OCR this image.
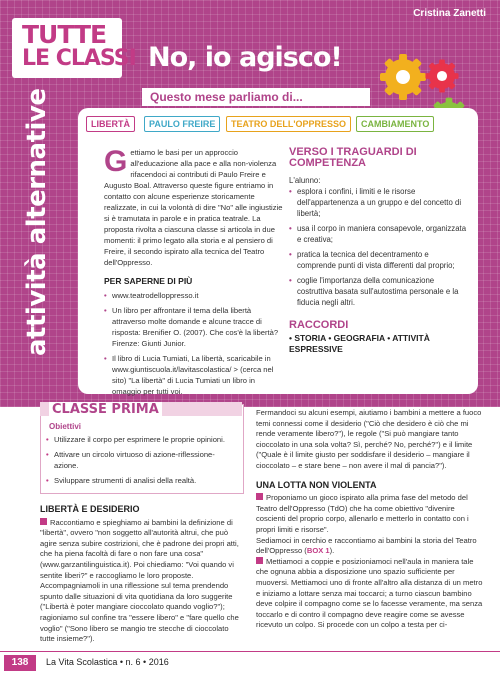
TUTTE
LE CLASSI
Cristina Zanetti
No, io agisco!
Questo mese parliamo di...
attività alternative	LIBERTÀ	PAULO FREIRE	TEATRO DELL'OPPRESSO	CAMBIAMENTO
Gettiamo le basi per un approccio all'educazione alla pace e alla non-violenza rifacendoci ai contributi di Paulo Freire e Augusto Boal. Attraverso queste figure entriamo in contatto con alcune esperienze storicamente realizzate, in cui la volontà di dire "No" alle ingiustizie si è tramutata in parole e in pratica teatrale. La proposta rivolta a ciascuna classe si articola in due momenti: il primo legato alla storia e al pensiero di Freire, il secondo ispirato alla tecnica del Teatro dell'Oppresso.
PER SAPERNE DI PIÙ
• www.teatrodelloppresso.it
• Un libro per affrontare il tema della libertà attraverso molte domande e alcune tracce di risposta: Brenifier O. (2007). Che cos'è la libertà? Firenze: Giunti Junior.
• Il libro di Lucia Tumiati, La libertà, scaricabile in www.giuntiscuola.it/lavitascolastica/ > (cerca nel sito) "La libertà" di Lucia Tumiati un libro in omaggio per tutti voi.
VERSO I TRAGUARDI DI COMPETENZA
L'alunno:
• esplora i confini, i limiti e le risorse dell'appartenenza a un gruppo e del concetto di libertà;
• usa il corpo in maniera consapevole, organizzata e creativa;
• pratica la tecnica del decentramento e comprende punti di vista differenti dal proprio;
• coglie l'importanza della comunicazione costruttiva basata sull'autostima personale e la fiducia negli altri.
RACCORDI
• STORIA • GEOGRAFIA • ATTIVITÀ ESPRESSIVE
CLASSE PRIMA
Obiettivi
• Utilizzare il corpo per esprimere le proprie opinioni.
• Attivare un circolo virtuoso di azione-riflessione-azione.
• Sviluppare strumenti di analisi della realtà.
LIBERTÀ E DESIDERIO
Raccontiamo e spieghiamo ai bambini la definizione di "libertà", ovvero "non soggetto all'autorità altrui, che può agire senza subire costrizioni, che è padrone dei propri atti, che ha piena facoltà di fare o non fare una cosa" (www.garzantilinguistica.it). Poi chiediamo: "Voi quando vi sentite liberi?" e raccogliamo le loro proposte. Accompagniamoli in una riflessione sul tema prendendo spunto dalle situazioni di vita quotidiana da loro suggerite ("Libertà è poter mangiare cioccolato quando voglio?"); ragioniamo sul confine tra "essere libero" e "fare quello che voglio" ("Sono libero se mangio tre stecche di cioccolato tutte insieme?").
Fermandoci su alcuni esempi, aiutiamo i bambini a mettere a fuoco temi connessi come il desiderio ("Ciò che desidero è ciò che mi rende veramente libero?"), le regole ("Si può mangiare tanto cioccolato in una sola volta? Sì, perché? No, perché?") e il limite ("Quale è il limite giusto per soddisfare il desiderio – mangiare il cioccolato – e stare bene – non avere il mal di pancia?").
UNA LOTTA NON VIOLENTA
Proponiamo un gioco ispirato alla prima fase del metodo del Teatro dell'Oppresso (TdO) che ha come obiettivo "divenire coscienti del proprio corpo, allenarlo e metterlo in contatto con i propri limiti e risorse".
Sediamoci in cerchio e raccontiamo ai bambini la storia del Teatro dell'Oppresso (BOX 1).
Mettiamoci a coppie e posizioniamoci nell'aula in maniera tale che ognuna abbia a disposizione uno spazio sufficiente per muoversi. Mettiamoci uno di fronte all'altro alla distanza di un metro e iniziamo a lottare senza mai toccarci; a turno ciascun bambino deve colpire il compagno come se lo facesse veramente, ma senza toccarlo e di contro il compagno deve reagire come se avesse ricevuto un colpo. Si procede con un colpo a testa per ci-
138	La Vita Scolastica • n. 6 • 2016
